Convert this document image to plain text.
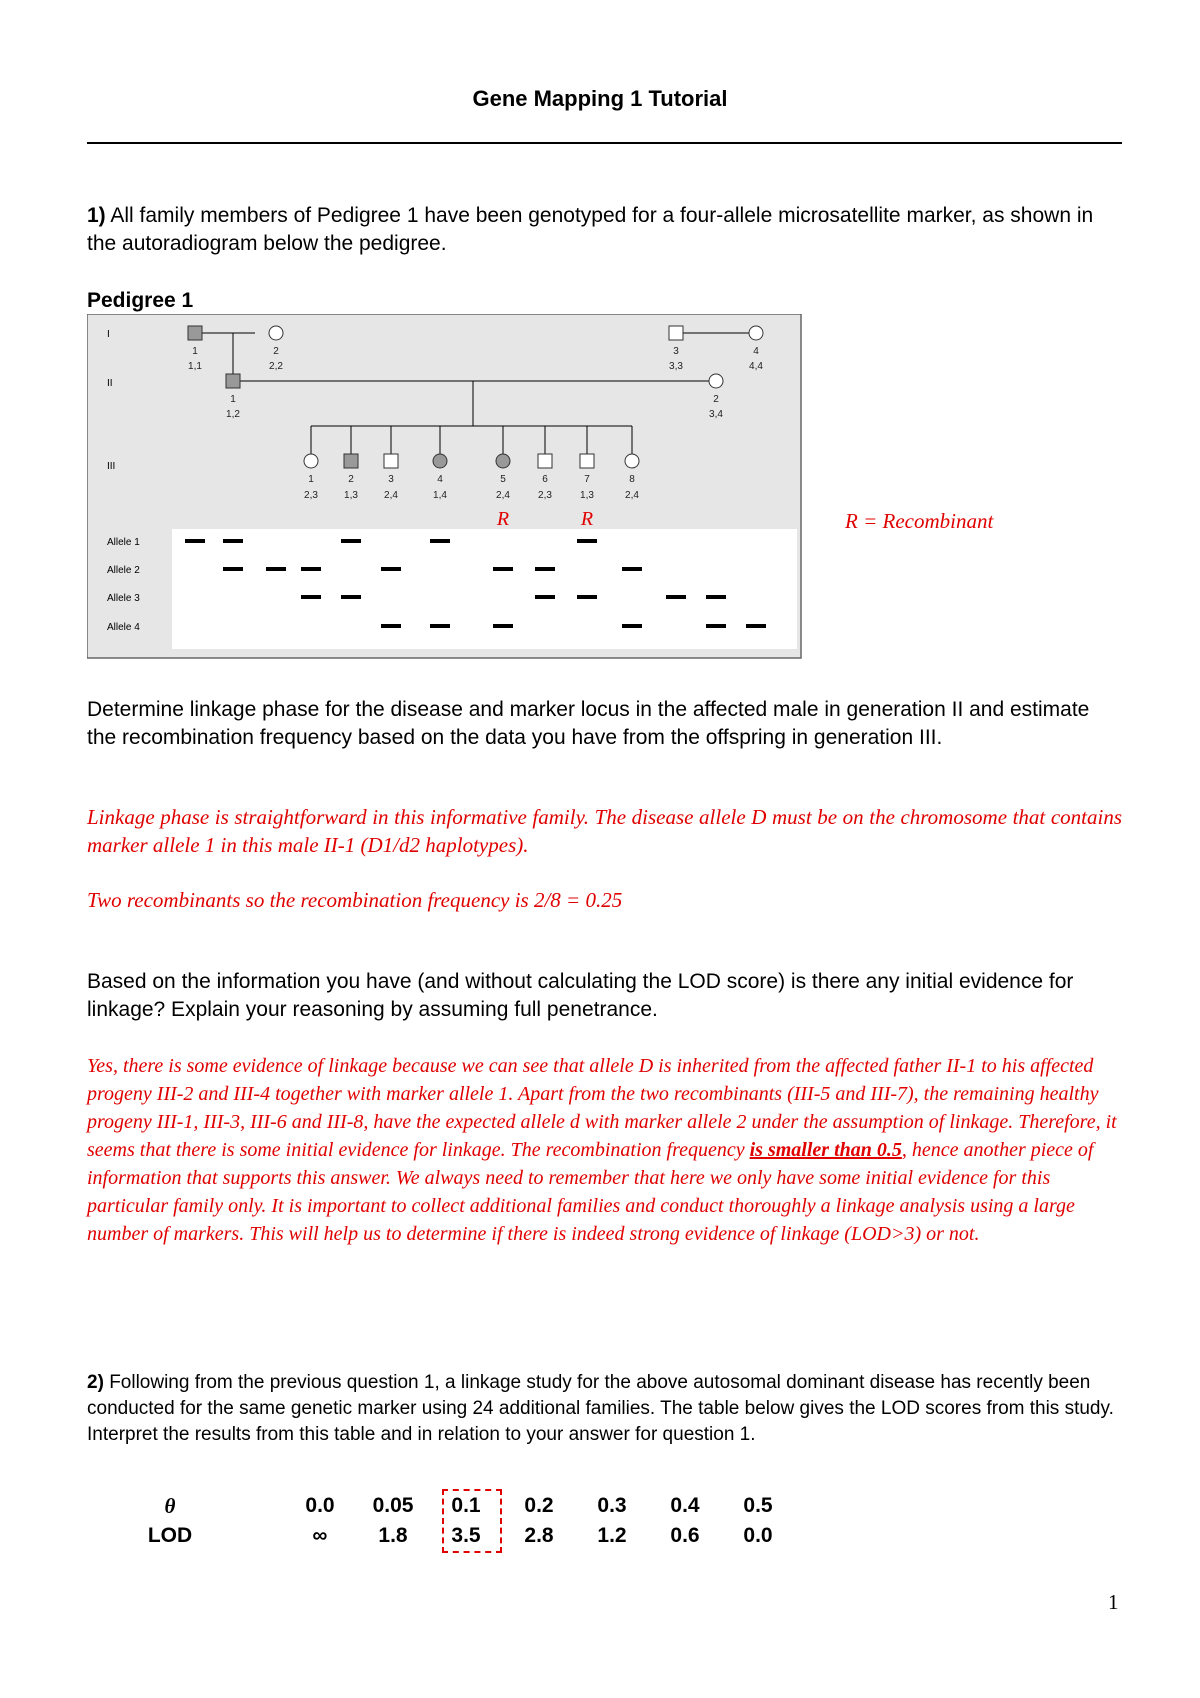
Gene Mapping 1 Tutorial
1) All family members of Pedigree 1 have been genotyped for a four-allele microsatellite marker, as shown in the autoradiogram below the pedigree.
Pedigree 1
I
II
III
1
1,1
2
2,2
3
3,3
4
4,4
1
1,2
2
3,4
1
2,3
2
1,3
3
2,4
4
1,4
5
2,4
6
2,3
7
1,3
8
2,4
R	R
Allele 1
Allele 2
Allele 3
Allele 4
R = Recombinant
Determine linkage phase for the disease and marker locus in the affected male in generation II and estimate the recombination frequency based on the data you have from the offspring in generation III.
Linkage phase is straightforward in this informative family. The disease allele D must be on the chromosome that contains marker allele 1 in this male II-1 (D1/d2 haplotypes).
Two recombinants so the recombination frequency is 2/8 = 0.25
Based on the information you have (and without calculating the LOD score) is there any initial evidence for linkage? Explain your reasoning by assuming full penetrance.
Yes, there is some evidence of linkage because we can see that allele D is inherited from the affected father II-1 to his affected progeny III-2 and III-4 together with marker allele 1. Apart from the two recombinants (III-5 and III-7), the remaining healthy progeny III-1, III-3, III-6 and III-8, have the expected allele d with marker allele 2 under the assumption of linkage. Therefore, it seems that there is some initial evidence for linkage. The recombination frequency is smaller than 0.5, hence another piece of information that supports this answer. We always need to remember that here we only have some initial evidence for this particular family only. It is important to collect additional families and conduct thoroughly a linkage analysis using a large number of markers. This will help us to determine if there is indeed strong evidence of linkage (LOD>3) or not.
2) Following from the previous question 1, a linkage study for the above autosomal dominant disease has recently been conducted for the same genetic marker using 24 additional families. The table below gives the LOD scores from this study. Interpret the results from this table and in relation to your answer for question 1.
θ	0.0	0.05	0.1	0.2	0.3	0.4	0.5
LOD	∞	1.8	3.5	2.8	1.2	0.6	0.0
1
